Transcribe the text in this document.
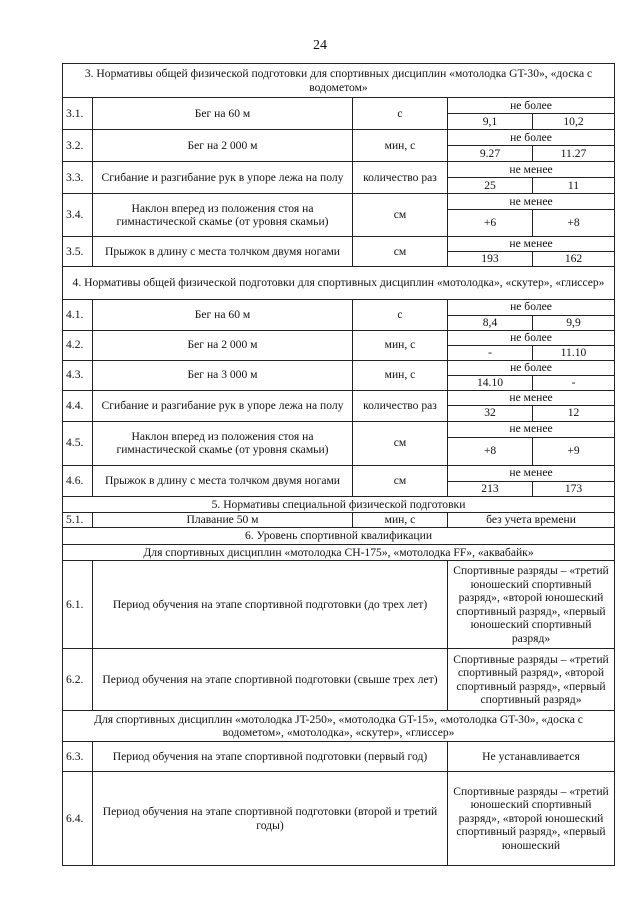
24
3. Нормативы общей физической подготовки для спортивных дисциплин «мотолодка GT-30», «доска с водометом»				
3.1.	Бег на 60 м	с	не более	
			9,1	10,2
3.2.	Бег на 2 000 м	мин, с	не более	
			9.27	11.27
3.3.	Сгибание и разгибание рук в упоре лежа на полу	количество раз	не менее	
			25	11
3.4.	Наклон вперед из положения стоя на гимнастической скамье (от уровня скамьи)	см	не менее	
			+6	+8
3.5.	Прыжок в длину с места толчком двумя ногами	см	не менее	
			193	162
4. Нормативы общей физической подготовки для спортивных дисциплин «мотолодка», «скутер», «глиссер»				
4.1.	Бег на 60 м	с	не более	
			8,4	9,9
4.2.	Бег на 2 000 м	мин, с	не более	
			-	11.10
4.3.	Бег на 3 000 м	мин, с	не более	
			14.10	-
4.4.	Сгибание и разгибание рук в упоре лежа на полу	количество раз	не менее	
			32	12
4.5.	Наклон вперед из положения стоя на гимнастической скамье (от уровня скамьи)	см	не менее	
			+8	+9
4.6.	Прыжок в длину с места толчком двумя ногами	см	не менее	
			213	173
5. Нормативы специальной физической подготовки				
5.1.	Плавание 50 м	мин, с	без учета времени	
6. Уровень спортивной квалификации				
Для спортивных дисциплин «мотолодка CH-175», «мотолодка FF», «аквабайк»				
6.1.	Период обучения на этапе спортивной подготовки (до трех лет)		Спортивные разряды – «третий юношеский спортивный разряд», «второй юношеский спортивный разряд», «первый юношеский спортивный разряд»	
6.2.	Период обучения на этапе спортивной подготовки (свыше трех лет)		Спортивные разряды – «третий спортивный разряд», «второй спортивный разряд», «первый спортивный разряд»	
Для спортивных дисциплин «мотолодка JT-250», «мотолодка GT-15», «мотолодка GT-30», «доска с водометом», «мотолодка», «скутер», «глиссер»				
6.3.	Период обучения на этапе спортивной подготовки (первый год)		Не устанавливается	
6.4.	Период обучения на этапе спортивной подготовки (второй и третий годы)		Спортивные разряды – «третий юношеский спортивный разряд», «второй юношеский спортивный разряд», «первый юношеский	
